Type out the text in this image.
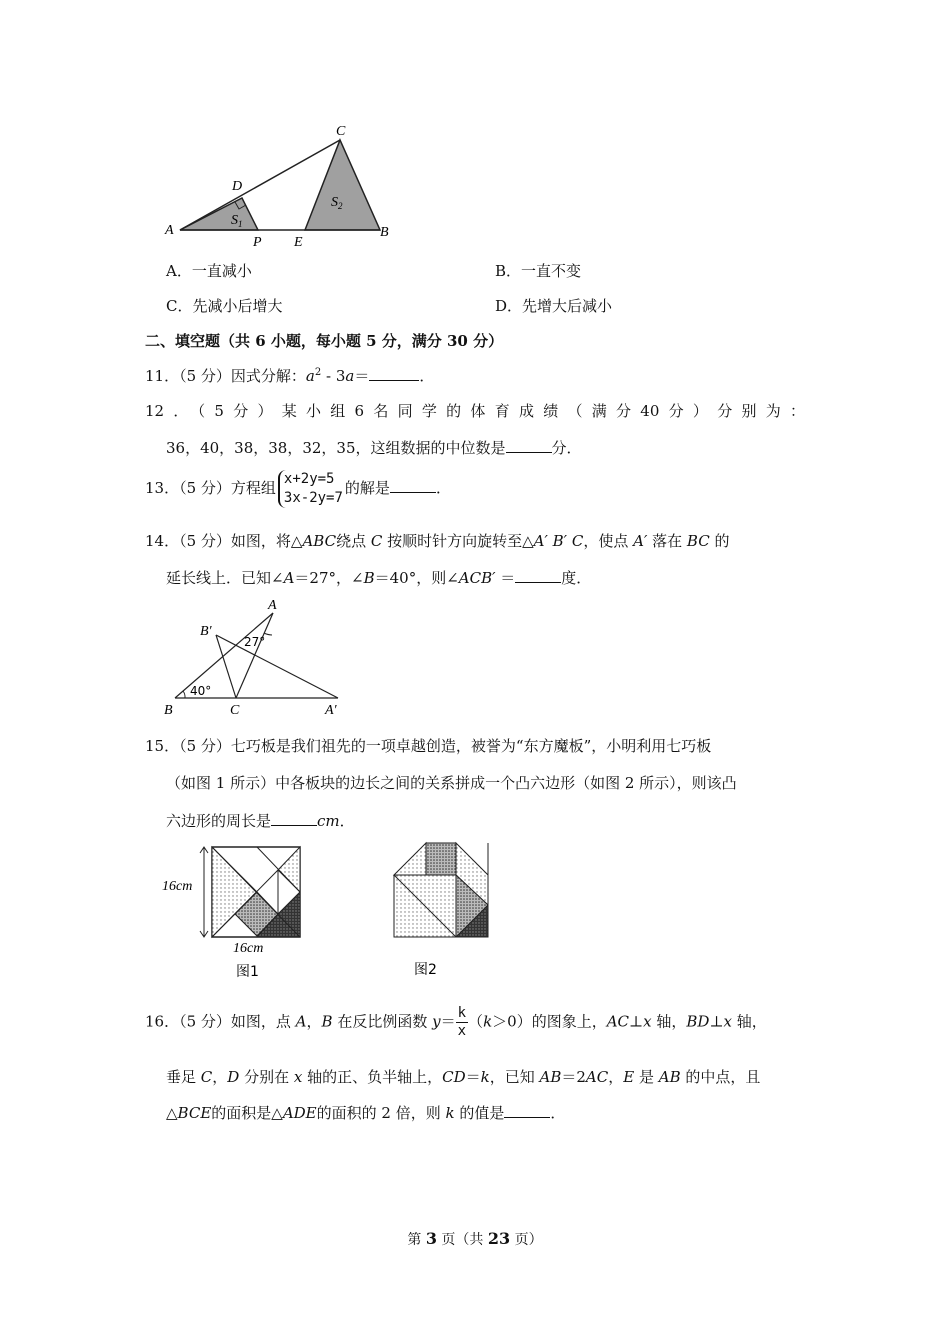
A
D
C
P E
B
$S_1$
$S_2$
A．一直减小	B．一直不变
C．先减小后增大	D．先增大后减小
二、填空题（共 6 小题，每小题 5 分，满分 30 分）
11．（5 分）因式分解：$a^2 - 3a=$	．
12．（5分）某小组6名同学的体育成绩（满分40分）分别为：
36，40，38，38，32，35，这组数据的中位数是	分．
13．（5 分）方程组 x+2y=5
3x-2y=7
的解是	．
14．（5 分）如图，将△ABC绕点 C 按顺时针方向旋转至△A′ B′ C，使点 A′ 落在 BC 的
延长线上．已知∠A＝27°，∠B＝40°，则∠ACB′ ＝	度．
A
B′
B	C	A′
27°
40°
15．（5 分）七巧板是我们祖先的一项卓越创造，被誉为“东方魔板”，小明利用七巧板
（如图 1 所示）中各板块的边长之间的关系拼成一个凸六边形（如图 2 所示），则该凸
六边形的周长是	cm．
16cm
16cm
图1	图2
16．（5 分）如图，点 A，B 在反比例函数 $y= \frac{k}{x} (k>0)$的图象上，AC⊥x 轴，BD⊥x 轴，
垂足 C，D 分别在 x 轴的正、负半轴上，CD＝k，已知 AB＝2AC，E 是 AB 的中点，且
△BCE的面积是△ADE的面积的 2 倍，则 k 的值是	．
第 3 页（共 23 页）
